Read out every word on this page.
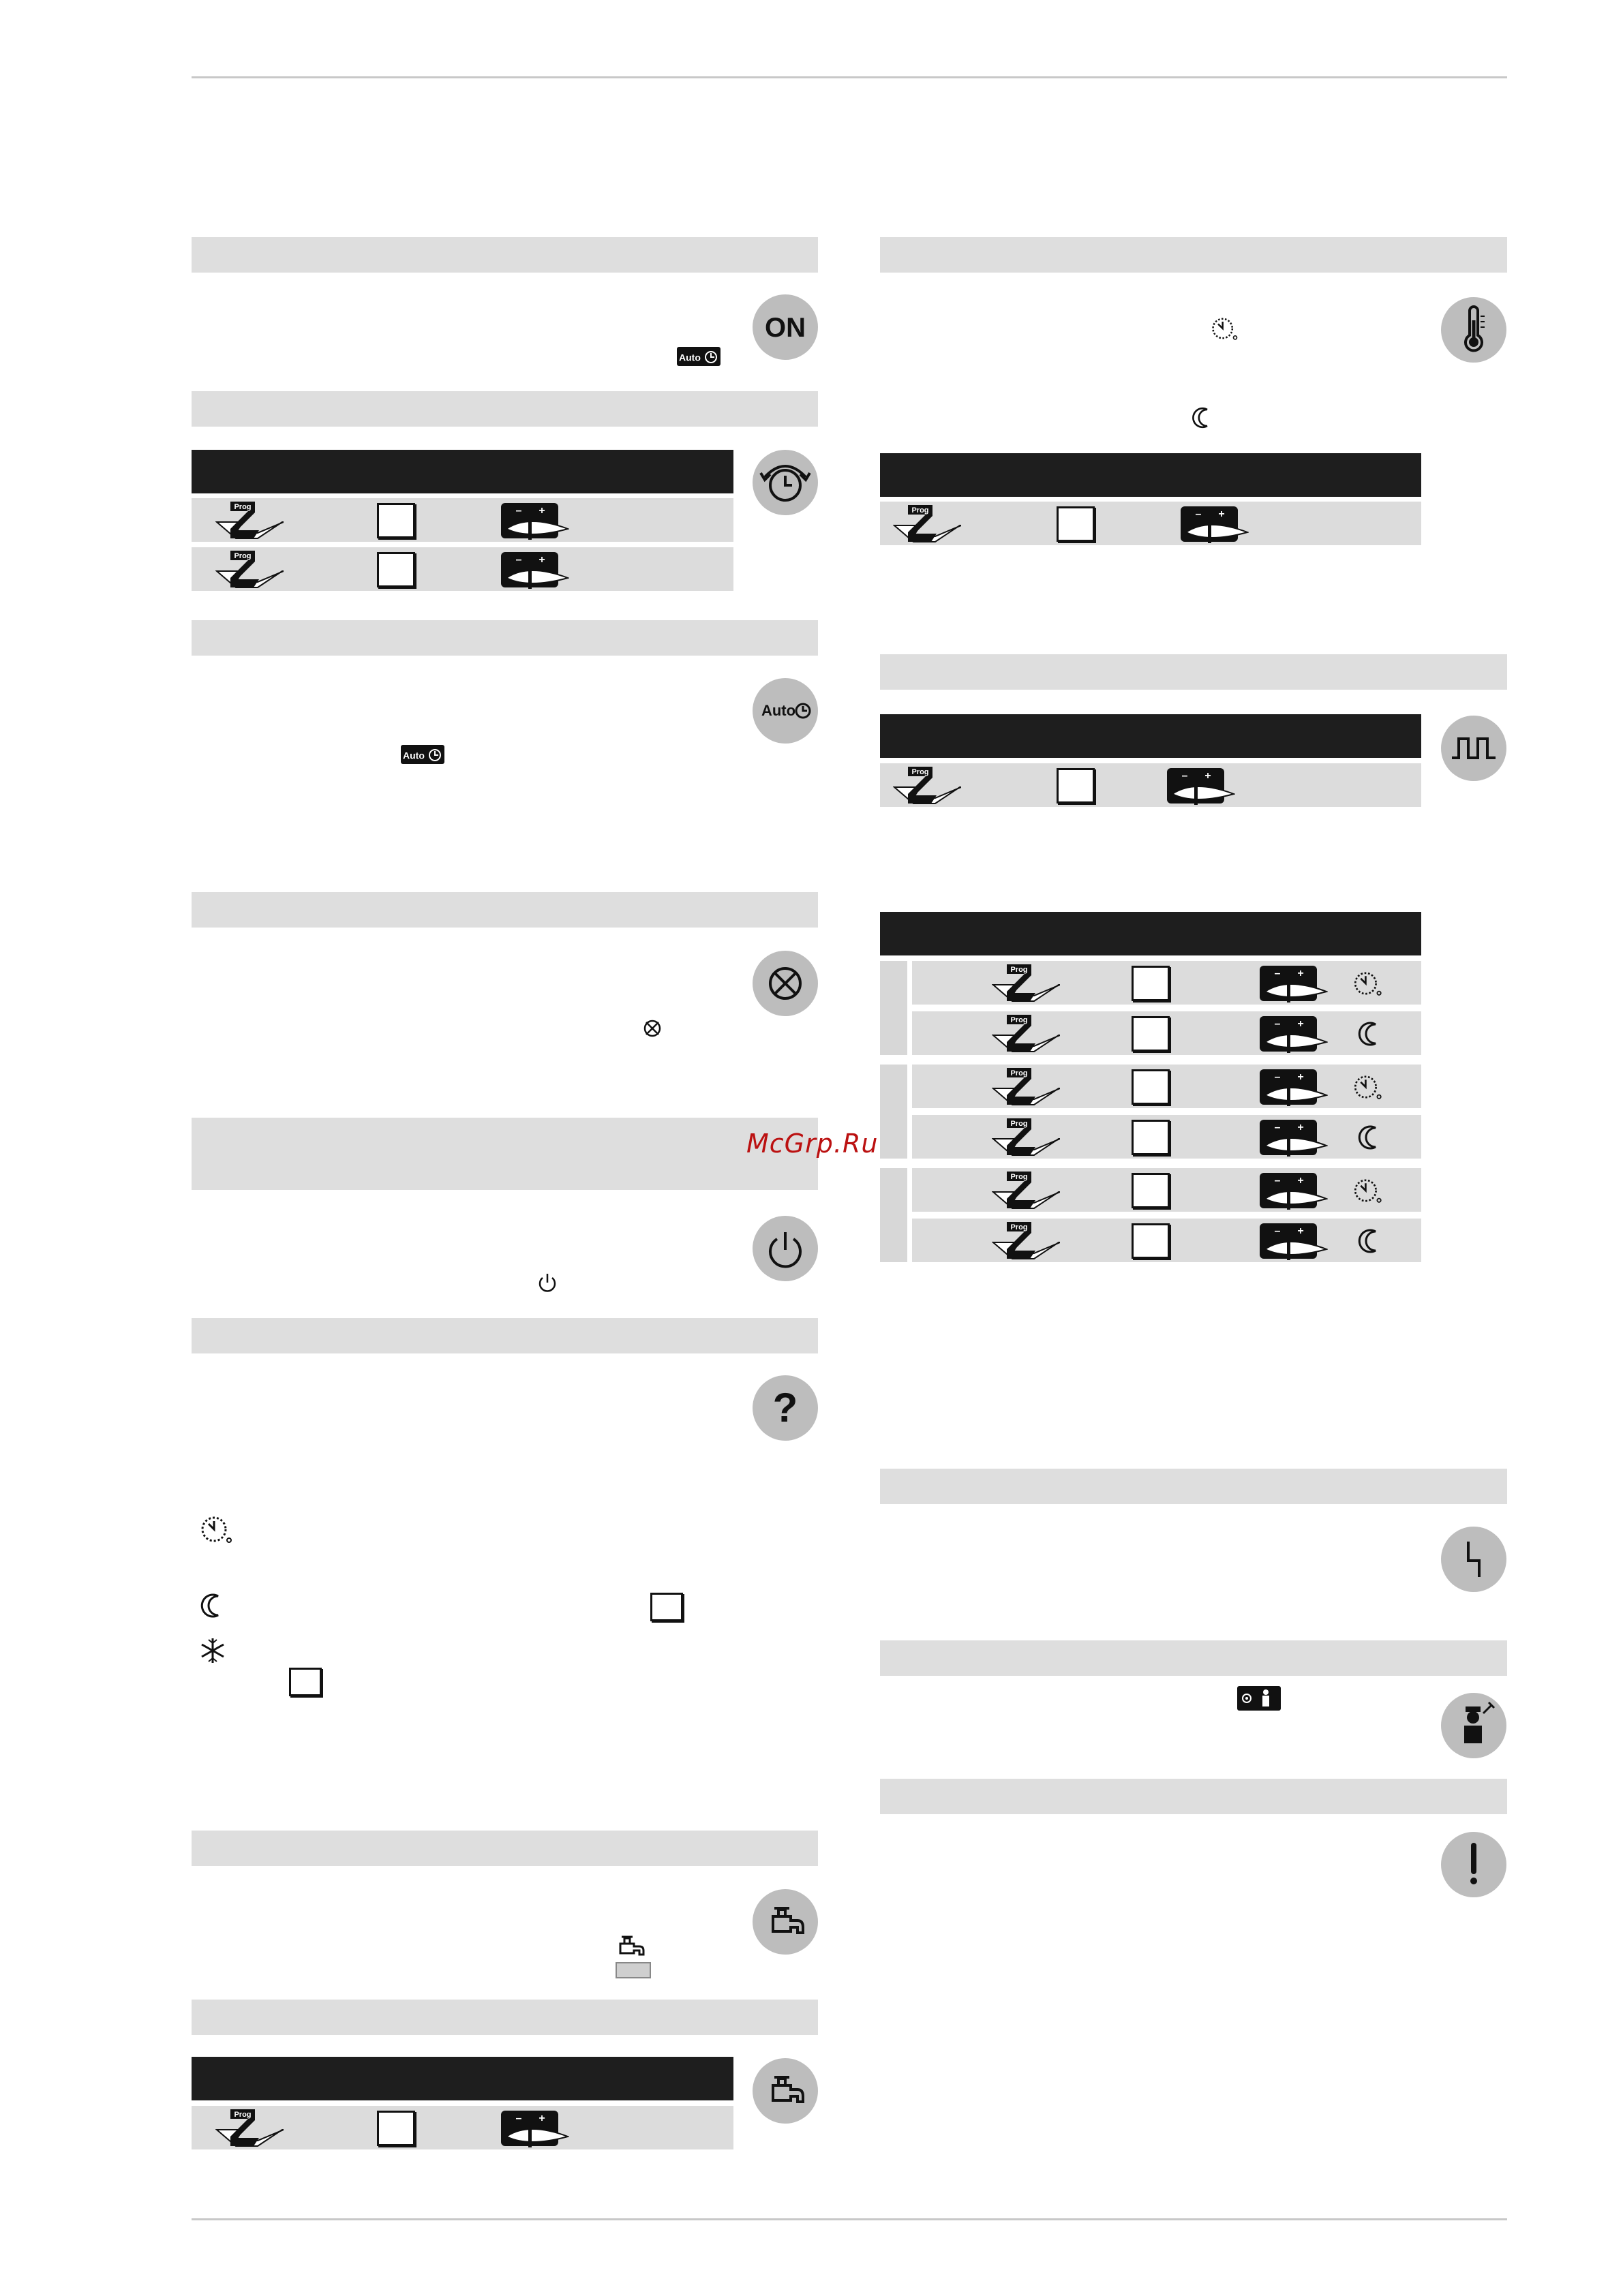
ON
Auto
Auto
Auto
?
McGrp.Ru
Prog	– +
Prog	– +
Prog	– +
Prog	– +
Prog	– +
Prog	– +
Prog	– +
Prog	– +
Prog	– +
Prog	– +
Prog	– +
